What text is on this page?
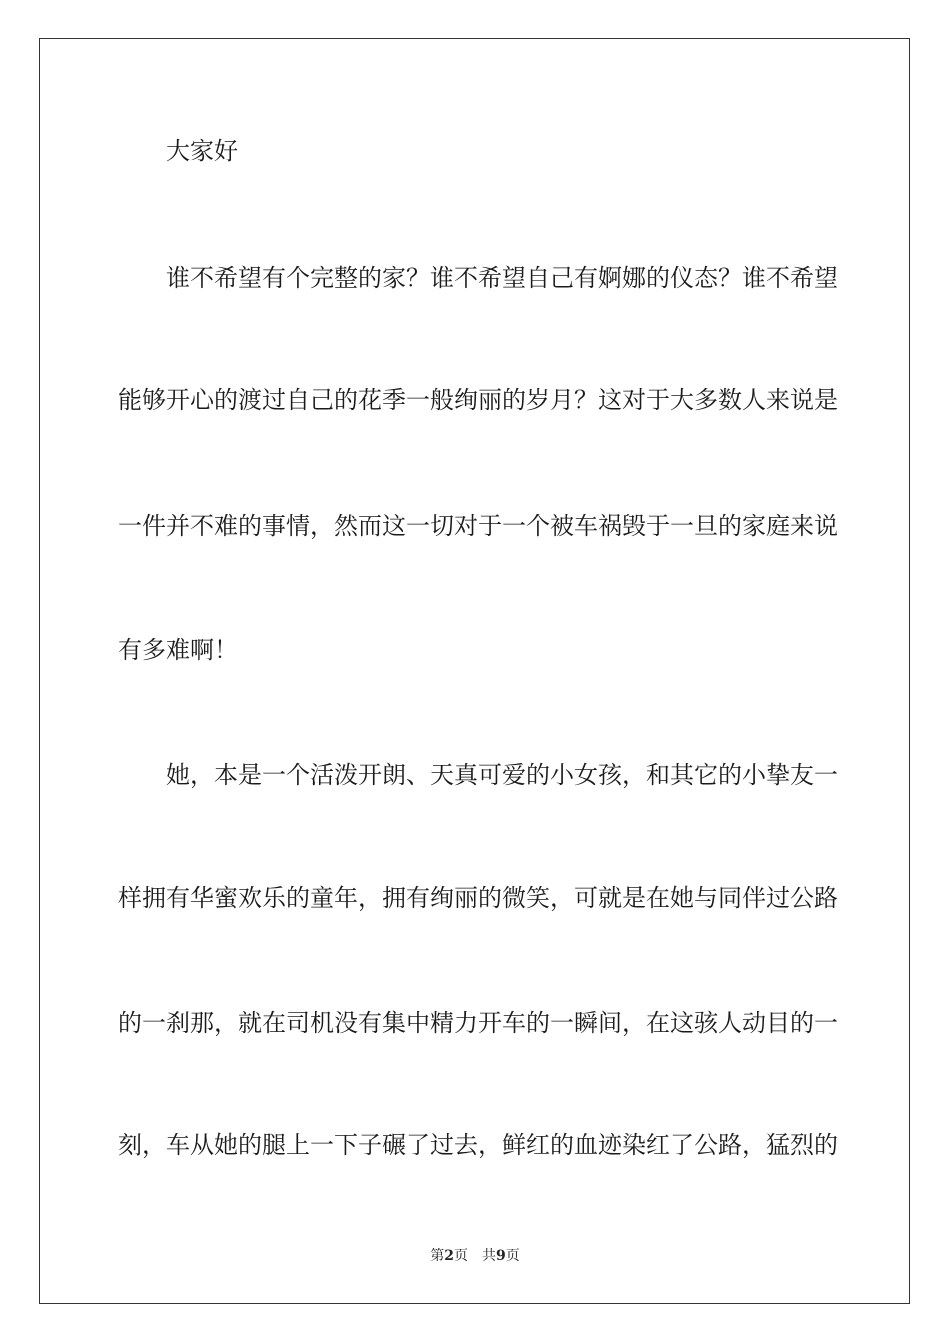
大家好
谁不希望有个完整的家？谁不希望自己有婀娜的仪态？谁不希望
能够开心的渡过自己的花季一般绚丽的岁月？这对于大多数人来说是
一件并不难的事情，然而这一切对于一个被车祸毁于一旦的家庭来说
有多难啊！
她，本是一个活泼开朗、天真可爱的小女孩，和其它的小挚友一
样拥有华蜜欢乐的童年，拥有绚丽的微笑，可就是在她与同伴过公路
的一刹那，就在司机没有集中精力开车的一瞬间，在这骇人动目的一
刻，车从她的腿上一下子碾了过去，鲜红的血迹染红了公路，猛烈的
第2页 共9页
